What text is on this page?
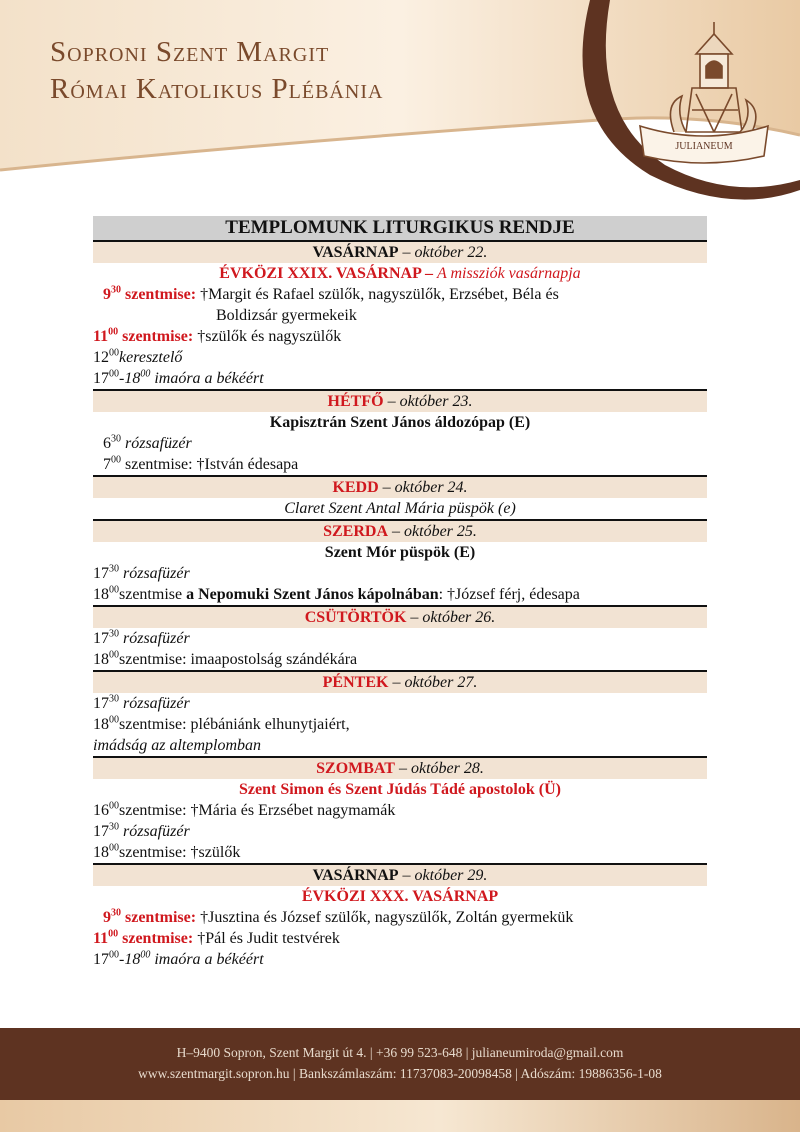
Soproni Szent Margit
Római Katolikus Plébánia
JULIANEUM
TEMPLOMUNK LITURGIKUS RENDJE
VASÁRNAP – október 22.
ÉVKÖZI XXIX. VASÁRNAP – A missziók vasárnapja
$9^{30}$ szentmise: †Margit és Rafael szülők, nagyszülők, Erzsébet, Béla és
Boldizsár gyermekeik
$11^{00}$ szentmise: †szülők és nagyszülők
$12^{00}keresztelő$
$17^{00}-18^{00}$ imaóra a békéért
HÉTFŐ – október 23.
Kapisztrán Szent János áldozópap (E)
$6^{30}$ rózsafüzér
$7^{00}$ szentmise: †István édesapa
KEDD – október 24.
Claret Szent Antal Mária püspök (e)
SZERDA – október 25.
Szent Mór püspök (E)
$17^{30}$ rózsafüzér
$18^{00}szentmise$ a Nepomuki Szent János kápolnában: †József férj, édesapa
CSÜTÖRTÖK – október 26.
$17^{30}$ rózsafüzér
$18^{00}szentmise$: imaapostolság szándékára
PÉNTEK – október 27.
$17^{30}$ rózsafüzér
$18^{00}szentmise$: plébániánk elhunytjaiért,
imádság az altemplomban
SZOMBAT – október 28.
Szent Simon és Szent Júdás Tádé apostolok (Ü)
$16^{00}szentmise$: †Mária és Erzsébet nagymamák
$17^{30}$ rózsafüzér
$18^{00}szentmise$: †szülők
VASÁRNAP – október 29.
ÉVKÖZI XXX. VASÁRNAP
$9^{30}$ szentmise: †Jusztina és József szülők, nagyszülők, Zoltán gyermekük
$11^{00}$ szentmise: †Pál és Judit testvérek
$17^{00}-18^{00}$ imaóra a békéért
H–9400 Sopron, Szent Margit út 4. | +36 99 523-648 | julianeumiroda@gmail.com
www.szentmargit.sopron.hu | Bankszámlaszám: 11737083-20098458 | Adószám: 19886356-1-08
